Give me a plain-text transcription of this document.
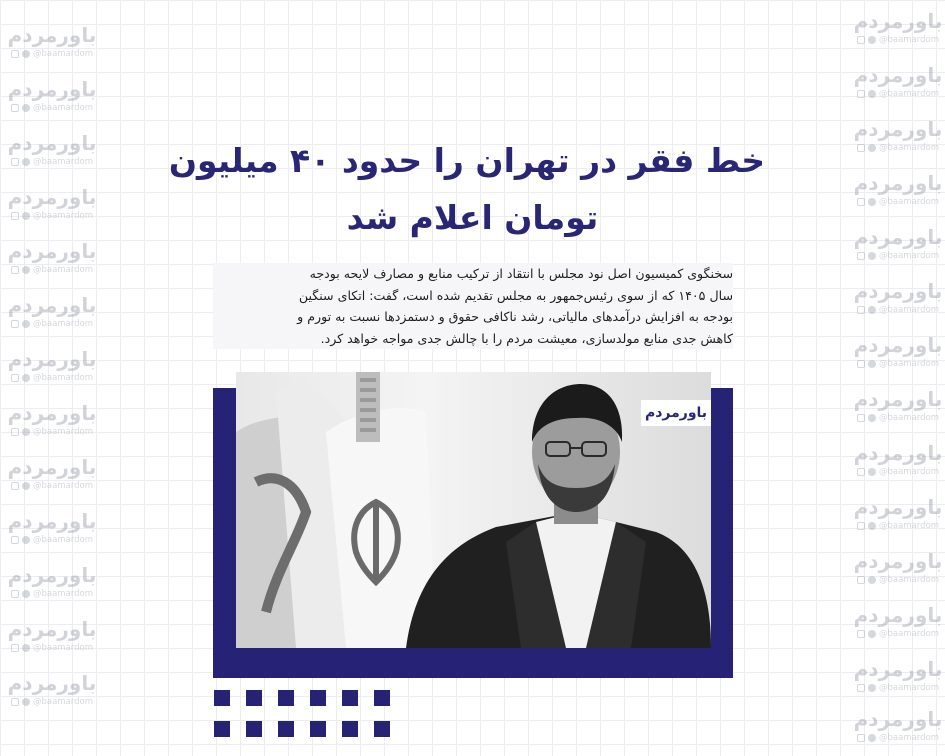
باورمردم
@baamardom
باورمردم
@baamardom
باورمردم
@baamardom
باورمردم
@baamardom
باورمردم
@baamardom
باورمردم
@baamardom
باورمردم
@baamardom
باورمردم
@baamardom
باورمردم
@baamardom
باورمردم
@baamardom
باورمردم
@baamardom
باورمردم
@baamardom
باورمردم
@baamardom
باورمردم
@baamardom
باورمردم
@baamardom
باورمردم
@baamardom
باورمردم
@baamardom
باورمردم
@baamardom
باورمردم
@baamardom
باورمردم
@baamardom
باورمردم
@baamardom
باورمردم
@baamardom
باورمردم
@baamardom
باورمردم
@baamardom
باورمردم
@baamardom
باورمردم
@baamardom
باورمردم
@baamardom
خط فقر در تهران را حدود ۴۰ میلیون
تومان اعلام شد
سخنگوی کمیسیون اصل نود مجلس با انتقاد از ترکیب منابع و مصارف لایحه بودجه
سال ۱۴۰۵ که از سوی رئیس‌جمهور به مجلس تقدیم شده است، گفت: اتکای سنگین
بودجه به افزایش درآمدهای مالیاتی، رشد ناکافی حقوق و دستمزدها نسبت به تورم و
کاهش جدی منابع مولدسازی، معیشت مردم را با چالش جدی مواجه خواهد کرد.
باورمردم
